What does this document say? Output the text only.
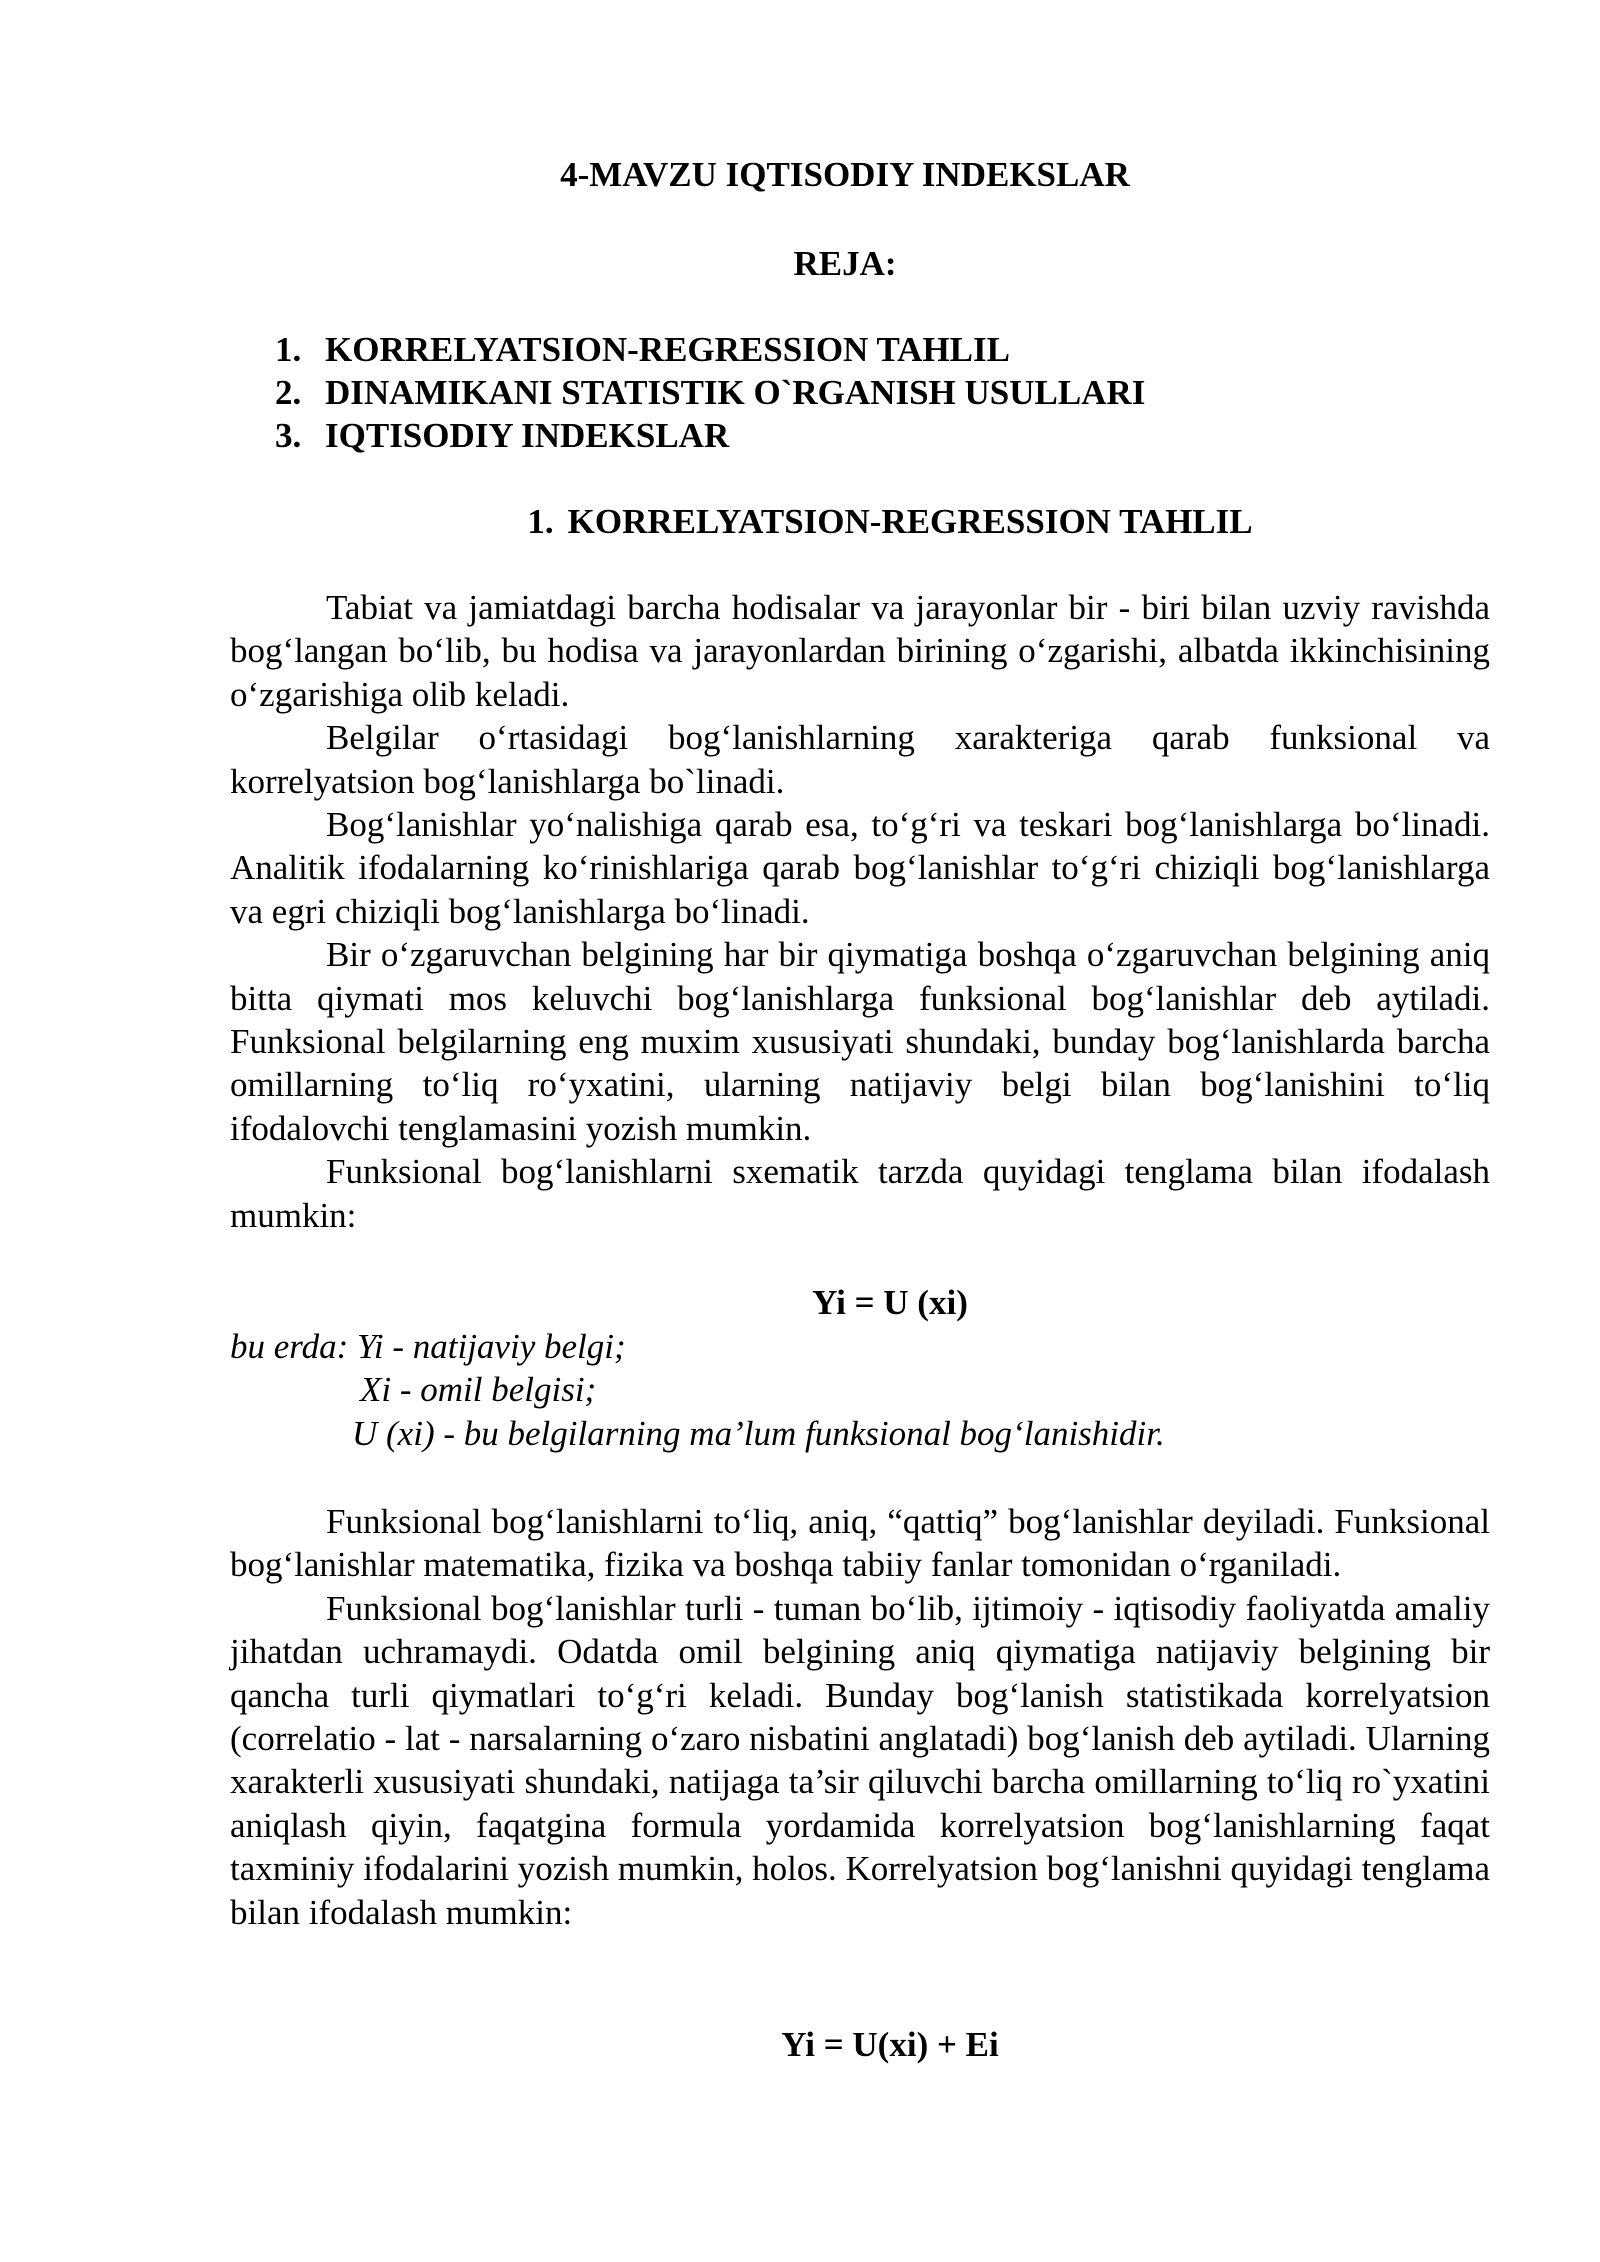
4-MAVZU IQTISODIY INDEKSLAR
REJA:
1. KORRELYATSION-REGRESSION TAHLIL
2. DINAMIKANI STATISTIK O`RGANISH USULLARI
3. IQTISODIY INDEKSLAR
1. KORRELYATSION-REGRESSION TAHLIL

Tabiat va jamiatdagi barcha hodisalar va jarayonlar bir - biri bilan uzviy ravishda bog‘langan bo‘lib, bu hodisa va jarayonlardan birining o‘zgarishi, albatda ikkinchisining o‘zgarishiga olib keladi.

Belgilar o‘rtasidagi bog‘lanishlarning xarakteriga qarab funksional va korrelyatsion bog‘lanishlarga bo`linadi.

Bog‘lanishlar yo‘nalishiga qarab esa, to‘g‘ri va teskari bog‘lanishlarga bo‘linadi. Analitik ifodalarning ko‘rinishlariga qarab bog‘lanishlar to‘g‘ri chiziqli bog‘lanishlarga va egri chiziqli bog‘lanishlarga bo‘linadi.

Bir o‘zgaruvchan belgining har bir qiymatiga boshqa o‘zgaruvchan belgining aniq bitta qiymati mos keluvchi bog‘lanishlarga funksional bog‘lanishlar deb aytiladi. Funksional belgilarning eng muxim xususiyati shundaki, bunday bog‘lanishlarda barcha omillarning to‘liq ro‘yxatini, ularning natijaviy belgi bilan bog‘lanishini to‘liq ifodalovchi tenglamasini yozish mumkin.

Funksional bog‘lanishlarni sxematik tarzda quyidagi tenglama bilan ifodalash mumkin:

Yi = U (xi)
bu erda: Yi - natijaviy belgi;
Xi - omil belgisi;
U (xi) - bu belgilarning ma’lum funksional bog‘lanishidir.

Funksional bog‘lanishlarni to‘liq, aniq, “qattiq” bog‘lanishlar deyiladi. Funksional bog‘lanishlar matematika, fizika va boshqa tabiiy fanlar tomonidan o‘rganiladi.

Funksional bog‘lanishlar turli - tuman bo‘lib, ijtimoiy - iqtisodiy faoliyatda amaliy jihatdan uchramaydi. Odatda omil belgining aniq qiymatiga natijaviy belgining bir qancha turli qiymatlari to‘g‘ri keladi. Bunday bog‘lanish statistikada korrelyatsion (correlatio - lat - narsalarning o‘zaro nisbatini anglatadi) bog‘lanish deb aytiladi. Ularning xarakterli xususiyati shundaki, natijaga ta’sir qiluvchi barcha omillarning to‘liq ro`yxatini aniqlash qiyin, faqatgina formula yordamida korrelyatsion bog‘lanishlarning faqat taxminiy ifodalarini yozish mumkin, holos. Korrelyatsion bog‘lanishni quyidagi tenglama bilan ifodalash mumkin:

Yi = U(xi) + Ei
